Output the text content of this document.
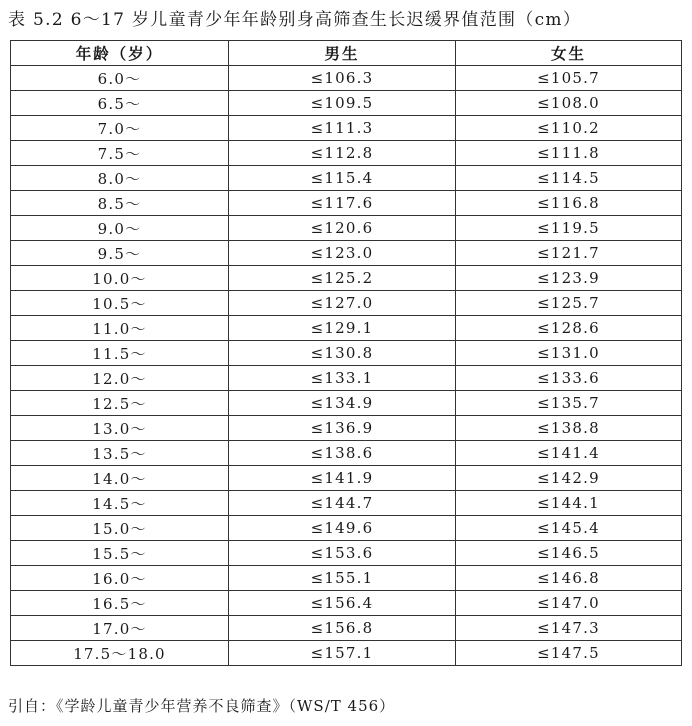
表 5.2 6～17 岁儿童青少年年龄别身高筛查生长迟缓界值范围（cm）
年龄（岁）	男生	女生
6.0～	≤106.3	≤105.7
6.5～	≤109.5	≤108.0
7.0～	≤111.3	≤110.2
7.5～	≤112.8	≤111.8
8.0～	≤115.4	≤114.5
8.5～	≤117.6	≤116.8
9.0～	≤120.6	≤119.5
9.5～	≤123.0	≤121.7
10.0～	≤125.2	≤123.9
10.5～	≤127.0	≤125.7
11.0～	≤129.1	≤128.6
11.5～	≤130.8	≤131.0
12.0～	≤133.1	≤133.6
12.5～	≤134.9	≤135.7
13.0～	≤136.9	≤138.8
13.5～	≤138.6	≤141.4
14.0～	≤141.9	≤142.9
14.5～	≤144.7	≤144.1
15.0～	≤149.6	≤145.4
15.5～	≤153.6	≤146.5
16.0～	≤155.1	≤146.8
16.5～	≤156.4	≤147.0
17.0～	≤156.8	≤147.3
17.5～18.0	≤157.1	≤147.5
引自：《学龄儿童青少年营养不良筛查》（WS/T 456）
